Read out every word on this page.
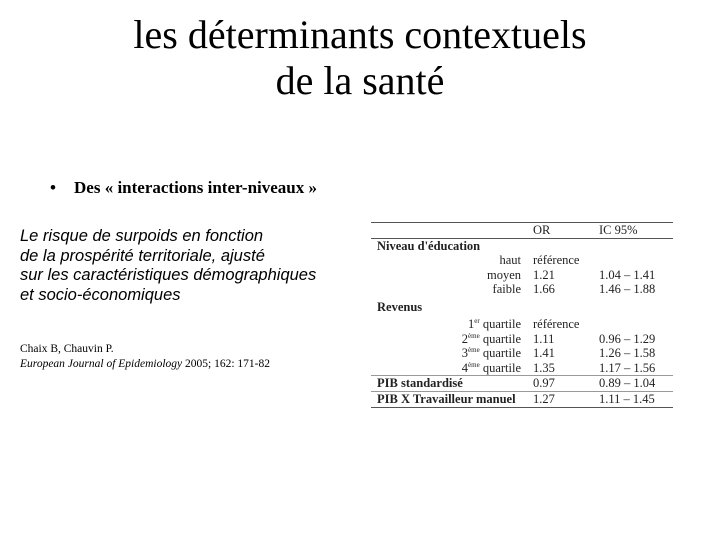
les déterminants contextuels
de la santé
• Des « interactions inter-niveaux »
Le risque de surpoids en fonction
de la prospérité territoriale, ajusté
sur les caractéristiques démographiques
et socio-économiques
Chaix B, Chauvin P.
European Journal of Epidemiology 2005; 162: 171-82
	OR	IC 95%
Niveau d'éducation		
haut	référence	
moyen	1.21	1.04 – 1.41
faible	1.66	1.46 – 1.88
Revenus		
1er quartile	référence	
2ème quartile	1.11	0.96 – 1.29
3ème quartile	1.41	1.26 – 1.58
4ème quartile	1.35	1.17 – 1.56
PIB standardisé	0.97	0.89 – 1.04
PIB X Travailleur manuel	1.27	1.11 – 1.45
